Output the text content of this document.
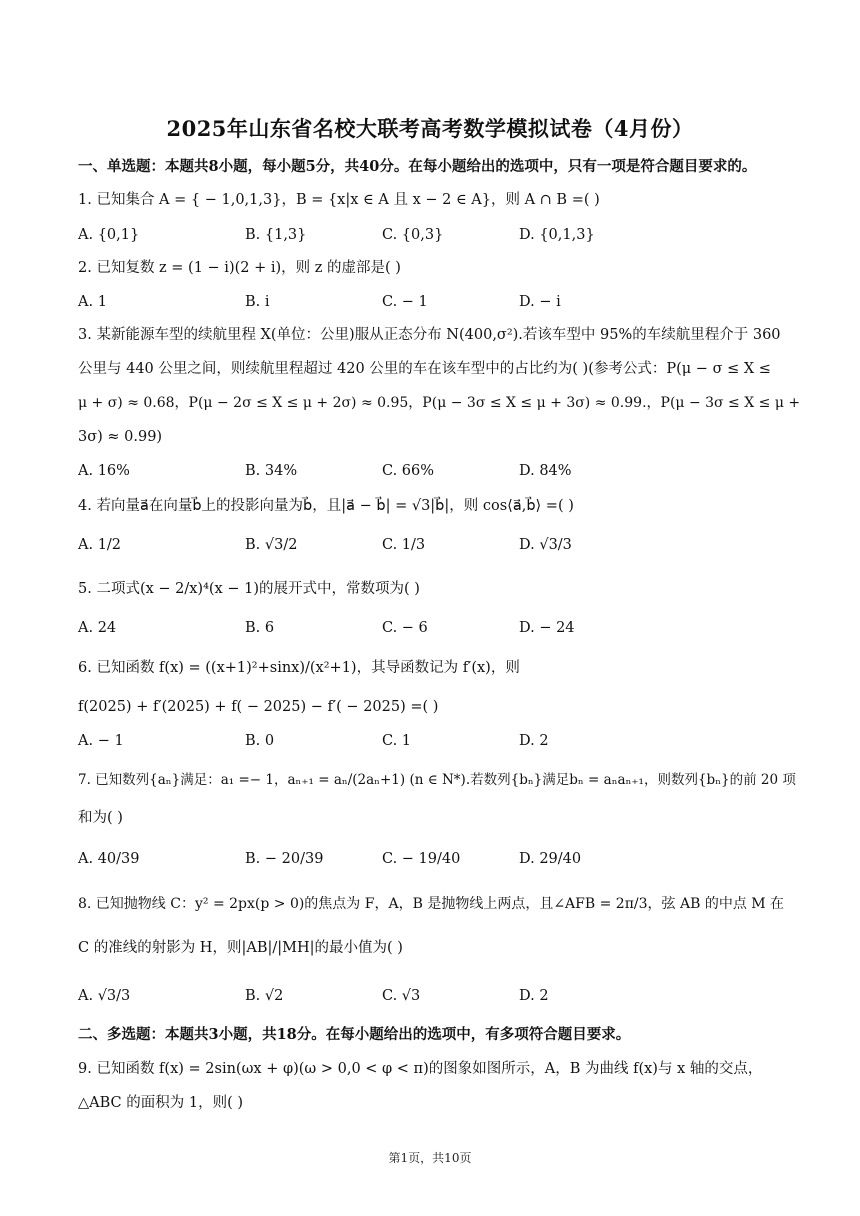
2025年山东省名校大联考高考数学模拟试卷（4月份）
一、单选题：本题共8小题，每小题5分，共40分。在每小题给出的选项中，只有一项是符合题目要求的。
1. 已知集合 A = { − 1,0,1,3}，B = {x|x ∈ A 且 x − 2 ∈ A}，则 A ∩ B =( )
A. {0,1}	B. {1,3}	C. {0,3}	D. {0,1,3}
2. 已知复数 z = (1 − i)(2 + i)，则 z 的虚部是( )
A. 1	B. i	C. − 1	D. − i
3. 某新能源车型的续航里程 X(单位：公里)服从正态分布 N(400,σ²).若该车型中 95%的车续航里程介于 360
公里与 440 公里之间，则续航里程超过 420 公里的车在该车型中的占比约为( )(参考公式：P(μ − σ ≤ X ≤
μ + σ) ≈ 0.68，P(μ − 2σ ≤ X ≤ μ + 2σ) ≈ 0.95，P(μ − 3σ ≤ X ≤ μ + 3σ) ≈ 0.99.，P(μ − 3σ ≤ X ≤ μ +
3σ) ≈ 0.99)
A. 16%	B. 34%	C. 66%	D. 84%
4. 若向量a⃗在向量b⃗上的投影向量为b⃗，且|a⃗ − b⃗| = √3|b⃗|，则 cos⟨a⃗,b⃗⟩ =( )
A. 1/2	B. √3/2	C. 1/3	D. √3/3
5. 二项式(x − 2/x)⁴(x − 1)的展开式中，常数项为( )
A. 24	B. 6	C. − 6	D. − 24
6. 已知函数 f(x) = ((x+1)²+sinx)/(x²+1)，其导函数记为 f′(x)，则
f(2025) + f′(2025) + f( − 2025) − f′( − 2025) =( )
A. − 1	B. 0	C. 1	D. 2
7. 已知数列{aₙ}满足：a₁ =− 1，aₙ₊₁ = aₙ/(2aₙ+1) (n ∈ N*).若数列{bₙ}满足bₙ = aₙaₙ₊₁，则数列{bₙ}的前 20 项
和为( )
A. 40/39	B. − 20/39	C. − 19/40	D. 29/40
8. 已知抛物线 C：y² = 2px(p > 0)的焦点为 F，A，B 是抛物线上两点，且∠AFB = 2π/3，弦 AB 的中点 M 在
C 的准线的射影为 H，则|AB|/|MH|的最小值为( )
A. √3/3	B. √2	C. √3	D. 2
二、多选题：本题共3小题，共18分。在每小题给出的选项中，有多项符合题目要求。
9. 已知函数 f(x) = 2sin(ωx + φ)(ω > 0,0 < φ < π)的图象如图所示，A，B 为曲线 f(x)与 x 轴的交点，
△ABC 的面积为 1，则( )
第1页，共10页
